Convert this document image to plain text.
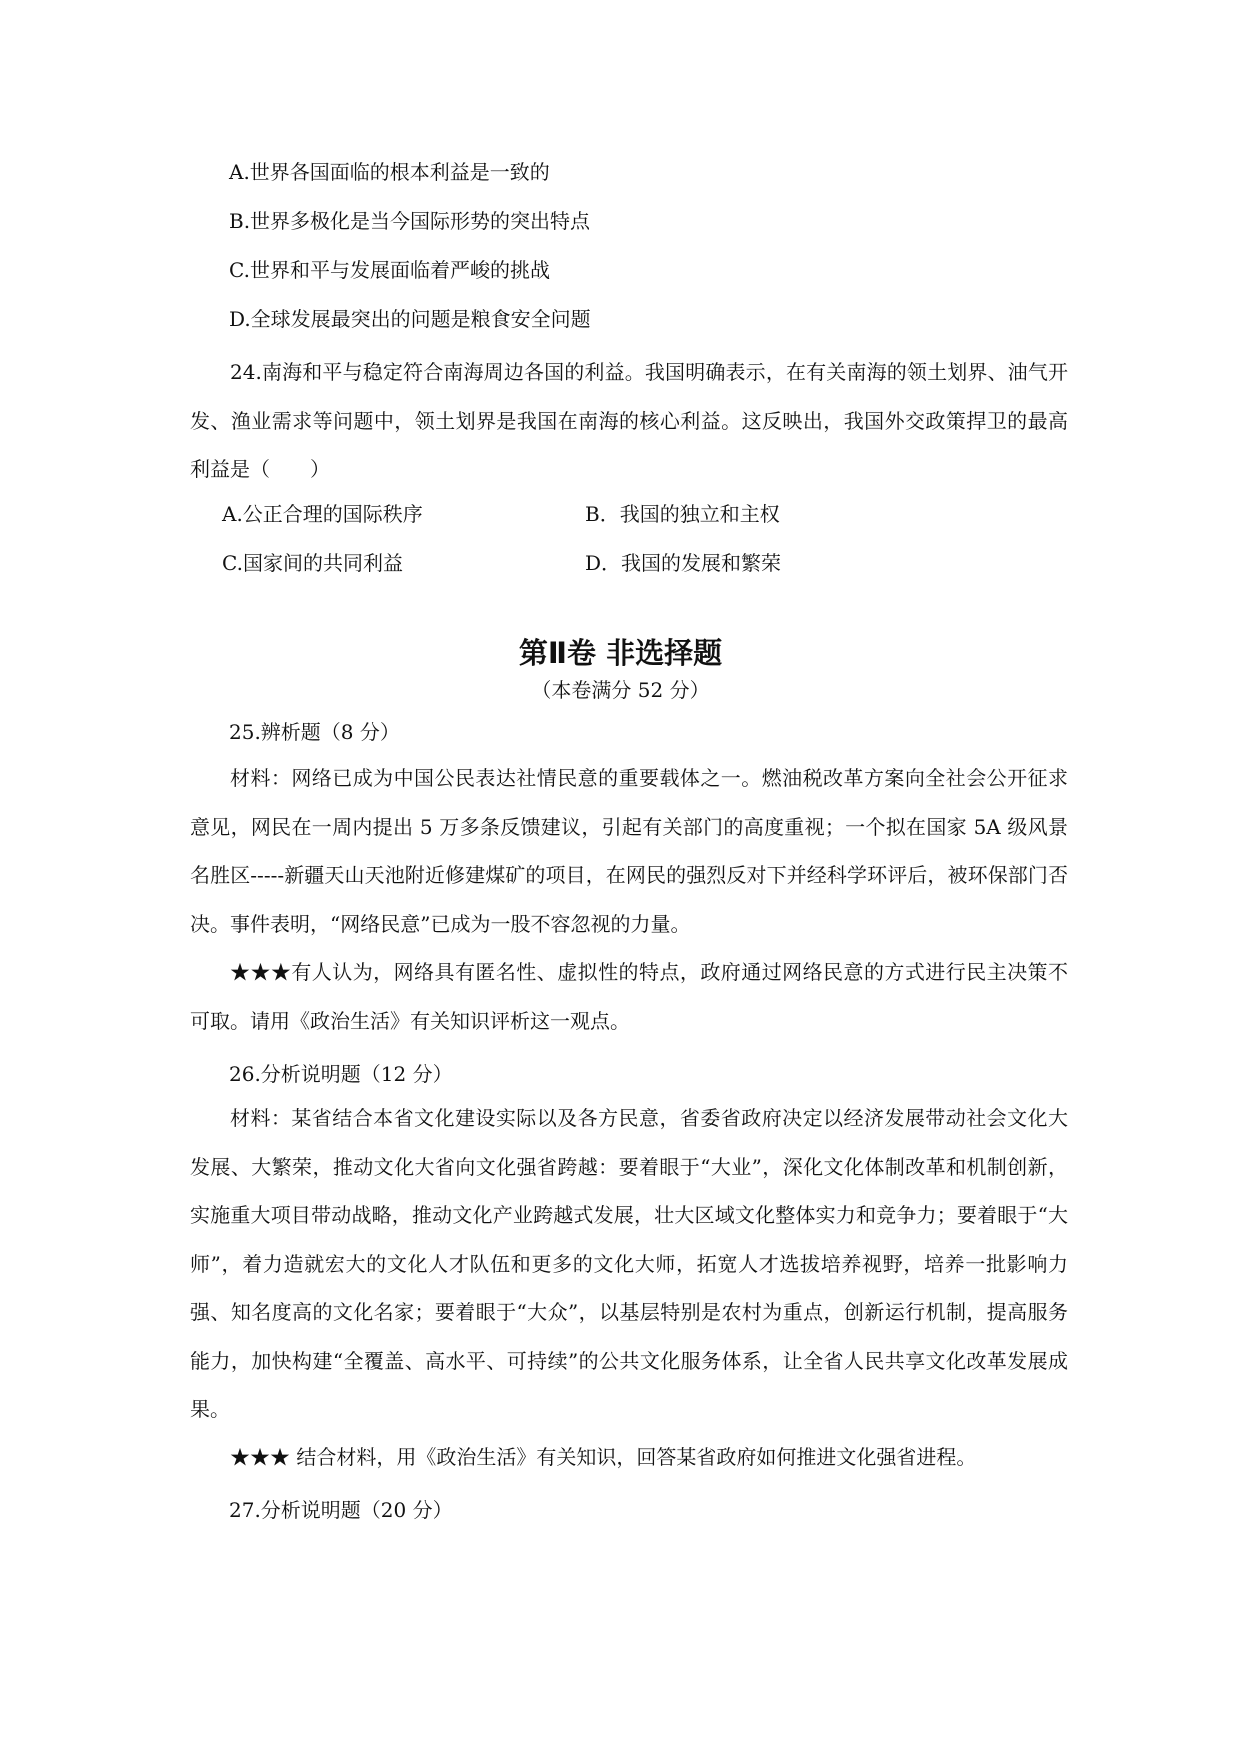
A.世界各国面临的根本利益是一致的
B.世界多极化是当今国际形势的突出特点
C.世界和平与发展面临着严峻的挑战
D.全球发展最突出的问题是粮食安全问题
24.南海和平与稳定符合南海周边各国的利益。我国明确表示，在有关南海的领土划界、油气开发、渔业需求等问题中，领土划界是我国在南海的核心利益。这反映出，我国外交政策捍卫的最高利益是（　　）
A.公正合理的国际秩序	B．我国的独立和主权
C.国家间的共同利益	D．我国的发展和繁荣
第Ⅱ卷 非选择题
（本卷满分 52 分）
25.辨析题（8 分）
材料：网络已成为中国公民表达社情民意的重要载体之一。燃油税改革方案向全社会公开征求意见，网民在一周内提出 5 万多条反馈建议，引起有关部门的高度重视；一个拟在国家 5A 级风景名胜区-----新疆天山天池附近修建煤矿的项目，在网民的强烈反对下并经科学环评后，被环保部门否决。事件表明，“网络民意”已成为一股不容忽视的力量。
★★★有人认为，网络具有匿名性、虚拟性的特点，政府通过网络民意的方式进行民主决策不可取。请用《政治生活》有关知识评析这一观点。
26.分析说明题（12 分）
材料：某省结合本省文化建设实际以及各方民意，省委省政府决定以经济发展带动社会文化大发展、大繁荣，推动文化大省向文化强省跨越：要着眼于“大业”，深化文化体制改革和机制创新，实施重大项目带动战略，推动文化产业跨越式发展，壮大区域文化整体实力和竞争力；要着眼于“大师”，着力造就宏大的文化人才队伍和更多的文化大师，拓宽人才选拔培养视野，培养一批影响力强、知名度高的文化名家；要着眼于“大众”，以基层特别是农村为重点，创新运行机制，提高服务能力，加快构建“全覆盖、高水平、可持续”的公共文化服务体系，让全省人民共享文化改革发展成果。
★★★ 结合材料，用《政治生活》有关知识，回答某省政府如何推进文化强省进程。
27.分析说明题（20 分）
